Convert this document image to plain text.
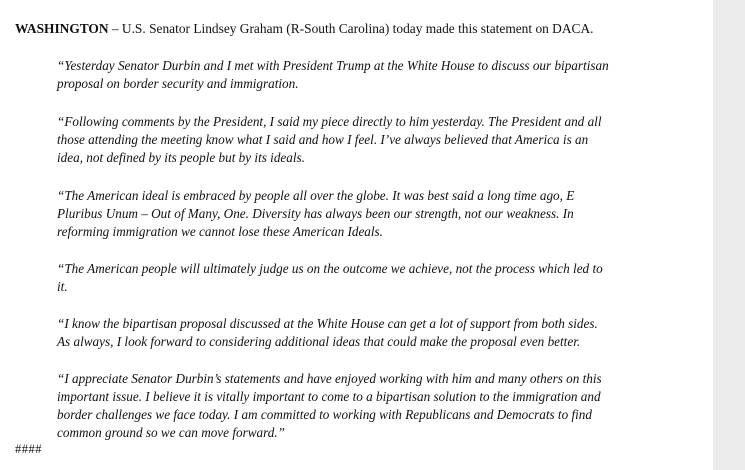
WASHINGTON – U.S. Senator Lindsey Graham (R-South Carolina) today made this statement on DACA.
“Yesterday Senator Durbin and I met with President Trump at the White House to discuss our bipartisan
proposal on border security and immigration.
“Following comments by the President, I said my piece directly to him yesterday. The President and all
those attending the meeting know what I said and how I feel. I’ve always believed that America is an
idea, not defined by its people but by its ideals.
“The American ideal is embraced by people all over the globe. It was best said a long time ago, E
Pluribus Unum – Out of Many, One. Diversity has always been our strength, not our weakness. In
reforming immigration we cannot lose these American Ideals.
“The American people will ultimately judge us on the outcome we achieve, not the process which led to
it.
“I know the bipartisan proposal discussed at the White House can get a lot of support from both sides.
As always, I look forward to considering additional ideas that could make the proposal even better.
“I appreciate Senator Durbin’s statements and have enjoyed working with him and many others on this
important issue. I believe it is vitally important to come to a bipartisan solution to the immigration and
border challenges we face today. I am committed to working with Republicans and Democrats to find
common ground so we can move forward.”
####
